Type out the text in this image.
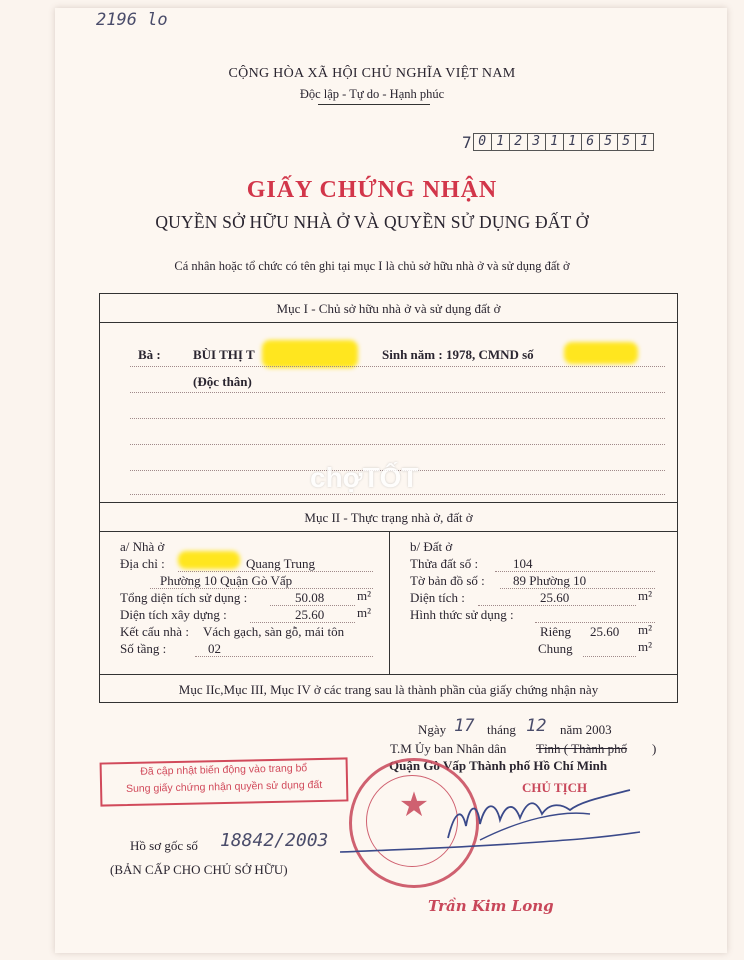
2196 lo
CỘNG HÒA XÃ HỘI CHỦ NGHĨA VIỆT NAM
Độc lập - Tự do - Hạnh phúc
7 0 1 2 3 1 1 6 5 5 1
GIẤY CHỨNG NHẬN
QUYỀN SỞ HỮU NHÀ Ở VÀ QUYỀN SỬ DỤNG ĐẤT Ở
Cá nhân hoặc tổ chức có tên ghi tại mục I là chủ sở hữu nhà ở và sử dụng đất ở
Mục I - Chủ sở hữu nhà ở và sử dụng đất ở
Bà : BÙI THỊ T	Sinh năm : 1978, CMND số
(Độc thân)
chợTỐT
Mục II - Thực trạng nhà ở, đất ở
a/ Nhà ở
Địa chỉ :	Quang Trung
Phường 10 Quận Gò Vấp
Tổng diện tích sử dụng :	50.08	m²
Diện tích xây dựng :	25.60	m²
Kết cấu nhà : Vách gạch, sàn gỗ, mái tôn
Số tầng :	02
b/ Đất ở
Thửa đất số :	104
Tờ bản đồ số : 89 Phường 10
Diện tích :	25.60	m²
Hình thức sử dụng :
Riêng 25.60 m²
Chung	m²
Mục IIc,Mục III, Mục IV ở các trang sau là thành phần của giấy chứng nhận này
Ngày 17 tháng 12 năm 2003
T.M Ủy ban Nhân dân Tỉnh ( Thành phố )
Quận Gò Vấp Thành phố Hồ Chí Minh
CHỦ TỊCH
Đã cập nhật biến động vào trang bổ
Sung giấy chứng nhận quyền sử dụng đất
★
Trần Kim Long
Hồ sơ gốc số 18842/2003
(BẢN CẤP CHO CHỦ SỞ HỮU)
